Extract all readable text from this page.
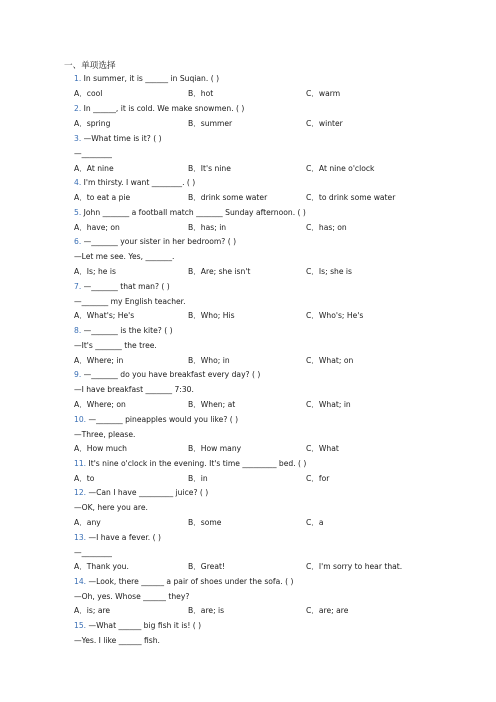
一、单项选择
1. In summer, it is ______ in Suqian. ( )
A．cool	B．hot	C．warm
2. In ______, it is cold. We make snowmen. ( )
A．spring	B．summer	C．winter
3. —What time is it? ( )
—________
A．At nine	B．It's nine	C．At nine o'clock
4. I'm thirsty. I want ________. ( )
A．to eat a pie	B．drink some water	C．to drink some water
5. John _______ a football match _______ Sunday afternoon. ( )
A．have; on	B．has; in	C．has; on
6. —_______ your sister in her bedroom? ( )
—Let me see. Yes, _______.
A．Is; he is	B．Are; she isn't	C．Is; she is
7. —_______ that man? ( )
—_______ my English teacher.
A．What's; He's	B．Who; His	C．Who's; He's
8. —_______ is the kite? ( )
—It's _______ the tree.
A．Where; in	B．Who; in	C．What; on
9. —_______ do you have breakfast every day? ( )
—I have breakfast _______ 7:30.
A．Where; on	B．When; at	C．What; in
10. —_______ pineapples would you like? ( )
—Three, please.
A．How much	B．How many	C．What
11. It's nine o'clock in the evening. It's time _________ bed. ( )
A．to	B．in	C．for
12. —Can I have _________ juice? ( )
—OK, here you are.
A．any	B．some	C．a
13. —I have a fever. ( )
—________
A．Thank you.	B．Great!	C．I'm sorry to hear that.
14. —Look, there ______ a pair of shoes under the sofa. ( )
—Oh, yes. Whose ______ they?
A．is; are	B．are; is	C．are; are
15. —What ______ big fish it is! ( )
—Yes. I like ______ fish.
